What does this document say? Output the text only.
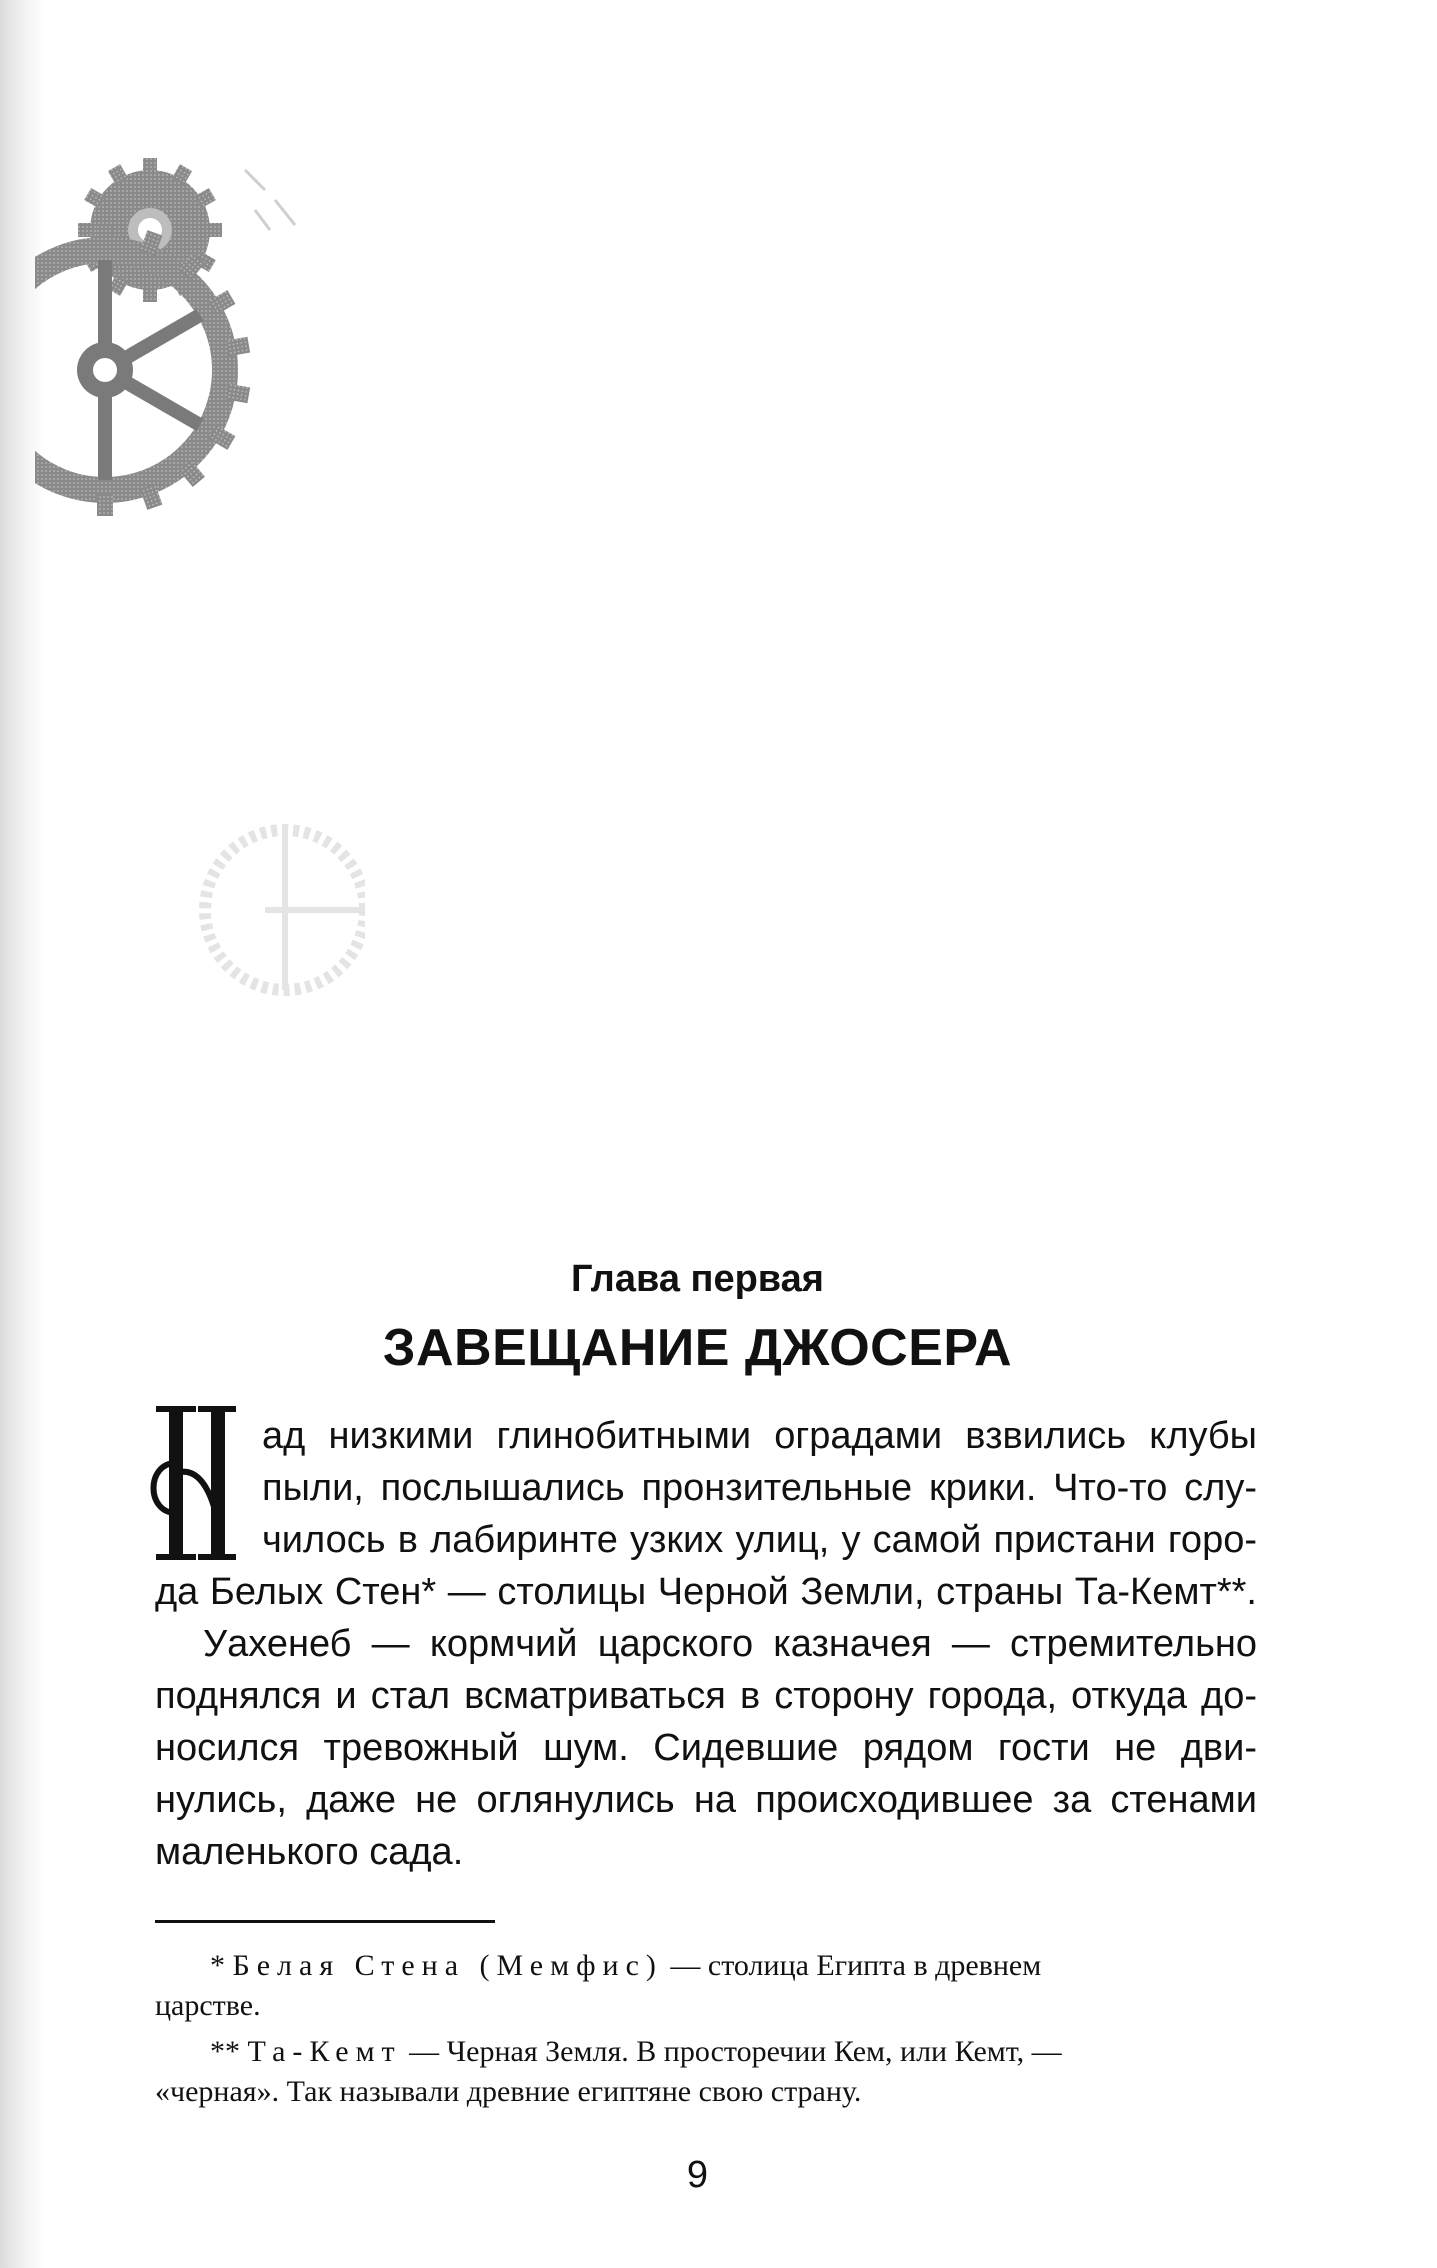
Глава первая
ЗАВЕЩАНИЕ ДЖОСЕРА
ад низкими глинобитными оградами взвились клубы
пыли, послышались пронзительные крики. Что-то слу-
чилось в лабиринте узких улиц, у самой пристани горо-
да Белых Стен* — столицы Черной Земли, страны Та-Кемт**.
Уахенеб — кормчий царского казначея — стремительно
поднялся и стал всматриваться в сторону города, откуда до-
носился тревожный шум. Сидевшие рядом гости не дви-
нулись, даже не оглянулись на происходившее за стенами
маленького сада.
* Белая Стена (Мемфис) — столица Египта в древнем
царстве.
** Та-Кемт — Черная Земля. В просторечии Кем, или Кемт, —
«черная». Так называли древние египтяне свою страну.
9
